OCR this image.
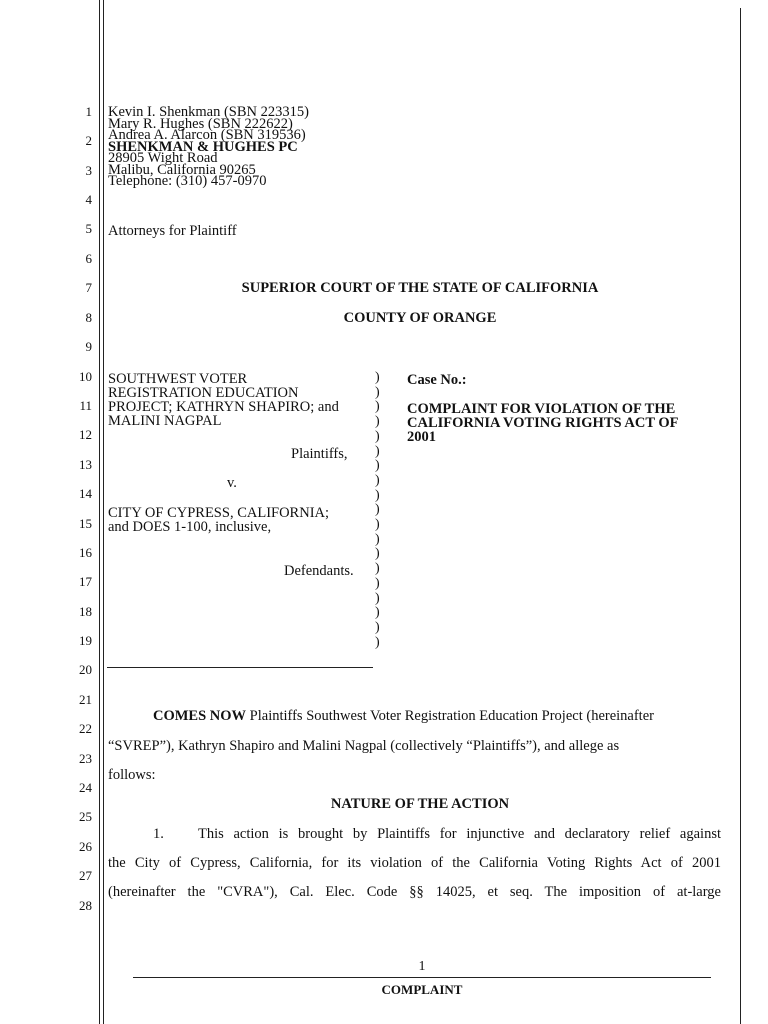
1
2
3
4
5
6
7
8
9
10
11
12
13
14
15
16
17
18
19
20
21
22
23
24
25
26
27
28
Kevin I. Shenkman (SBN 223315)
Mary R. Hughes (SBN 222622)
Andrea A. Alarcon (SBN 319536)
SHENKMAN & HUGHES PC
28905 Wight Road
Malibu, California 90265
Telephone: (310) 457-0970
Attorneys for Plaintiff
SUPERIOR COURT OF THE STATE OF CALIFORNIA
COUNTY OF ORANGE
SOUTHWEST VOTER
REGISTRATION EDUCATION
PROJECT; KATHRYN SHAPIRO; and
MALINI NAGPAL
Plaintiffs,
v.
CITY OF CYPRESS, CALIFORNIA;
and DOES 1-100, inclusive,
Defendants.
)
)
)
)
)
)
)
)
)
)
)
)
)
)
)
)
)
)
)
Case No.:
COMPLAINT FOR VIOLATION OF THE
CALIFORNIA VOTING RIGHTS ACT OF
2001
COMES NOW Plaintiffs Southwest Voter Registration Education Project (hereinafter
“SVREP”), Kathryn Shapiro and Malini Nagpal (collectively “Plaintiffs”), and allege as
follows:
NATURE OF THE ACTION
1. This action is brought by Plaintiffs for injunctive and declaratory relief against
the City of Cypress, California, for its violation of the California Voting Rights Act of 2001
(hereinafter the "CVRA"), Cal. Elec. Code §§ 14025, et seq. The imposition of at-large
1
COMPLAINT
